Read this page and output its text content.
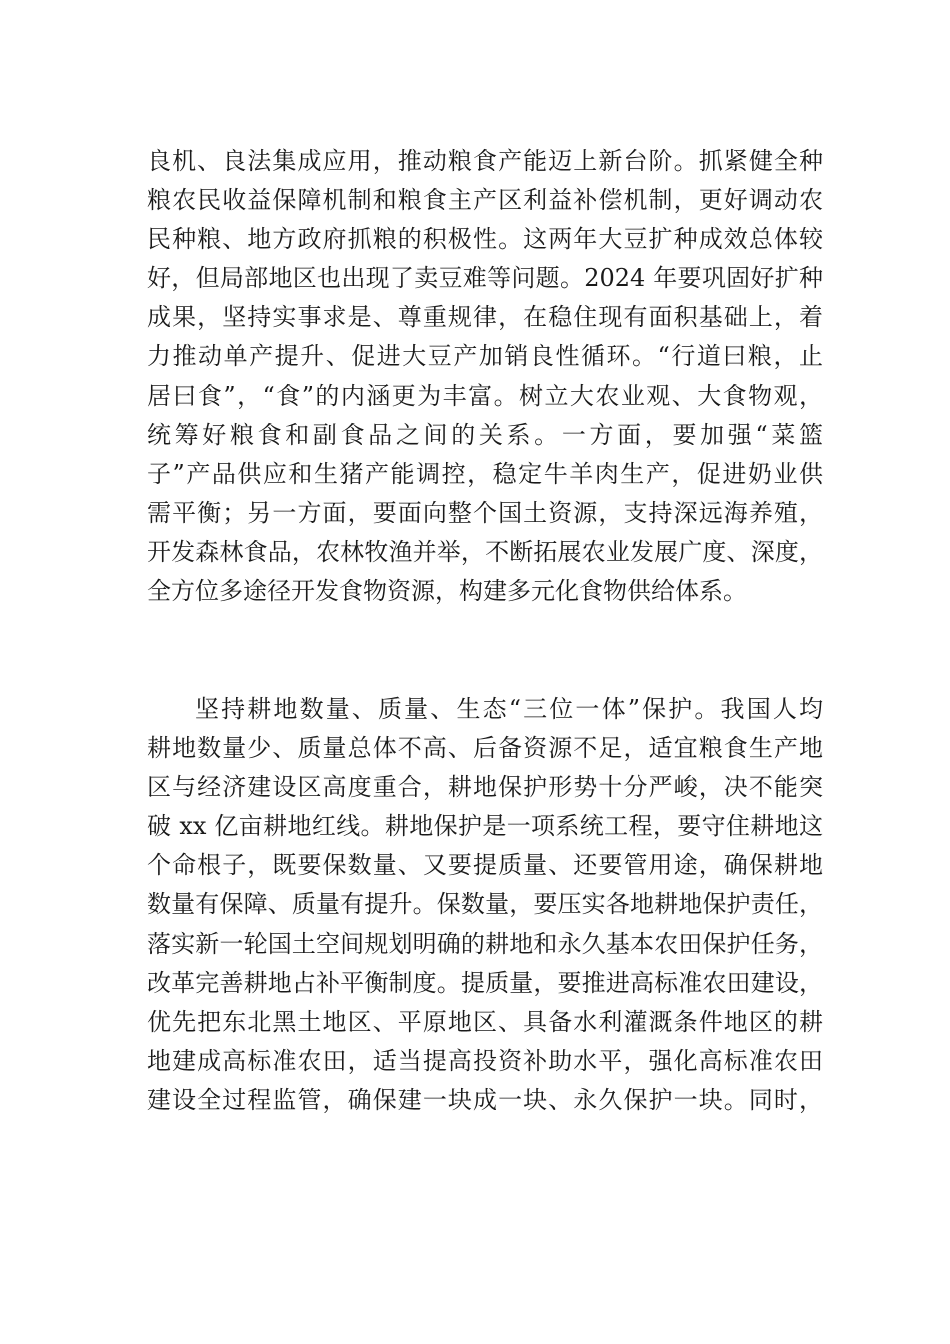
良机、良法集成应用，推动粮食产能迈上新台阶。抓紧健全种
粮农民收益保障机制和粮食主产区利益补偿机制，更好调动农
民种粮、地方政府抓粮的积极性。这两年大豆扩种成效总体较
好，但局部地区也出现了卖豆难等问题。2024 年要巩固好扩种
成果，坚持实事求是、尊重规律，在稳住现有面积基础上，着
力推动单产提升、促进大豆产加销良性循环。“行道曰粮，止
居曰食”，“食”的内涵更为丰富。树立大农业观、大食物观，
统筹好粮食和副食品之间的关系。一方面，要加强“菜篮
子”产品供应和生猪产能调控，稳定牛羊肉生产，促进奶业供
需平衡；另一方面，要面向整个国土资源，支持深远海养殖，
开发森林食品，农林牧渔并举，不断拓展农业发展广度、深度，
全方位多途径开发食物资源，构建多元化食物供给体系。
坚持耕地数量、质量、生态“三位一体”保护。我国人均
耕地数量少、质量总体不高、后备资源不足，适宜粮食生产地
区与经济建设区高度重合，耕地保护形势十分严峻，决不能突
破 xx 亿亩耕地红线。耕地保护是一项系统工程，要守住耕地这
个命根子，既要保数量、又要提质量、还要管用途，确保耕地
数量有保障、质量有提升。保数量，要压实各地耕地保护责任，
落实新一轮国土空间规划明确的耕地和永久基本农田保护任务，
改革完善耕地占补平衡制度。提质量，要推进高标准农田建设，
优先把东北黑土地区、平原地区、具备水利灌溉条件地区的耕
地建成高标准农田，适当提高投资补助水平，强化高标准农田
建设全过程监管，确保建一块成一块、永久保护一块。同时，
